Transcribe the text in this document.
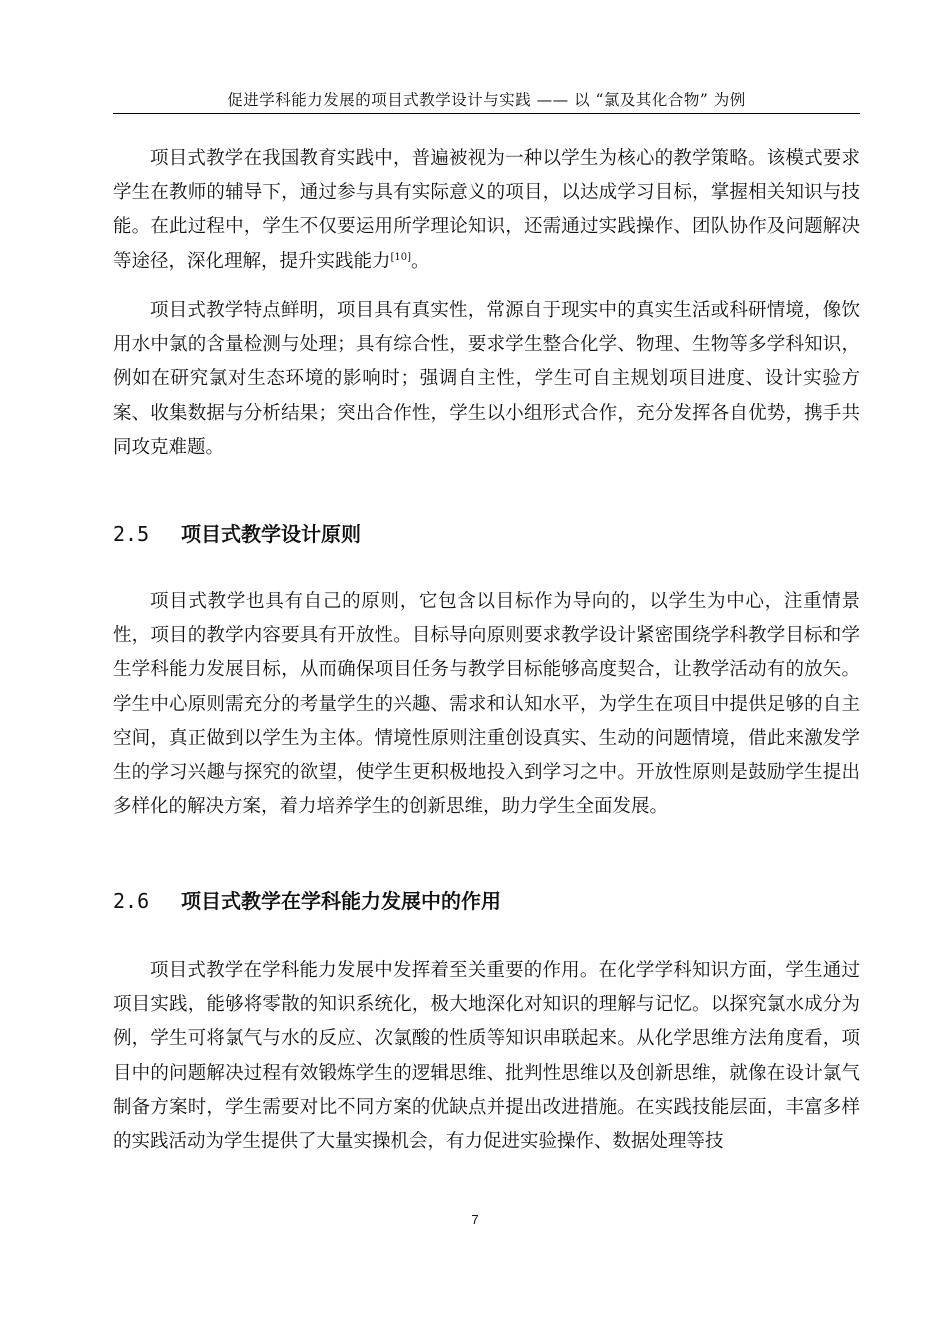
促进学科能力发展的项目式教学设计与实践 —— 以 “氯及其化合物” 为例

项目式教学在我国教育实践中，普遍被视为一种以学生为核心的教学策略。该模式要求学生在教师的辅导下，通过参与具有实际意义的项目，以达成学习目标，掌握相关知识与技能。在此过程中，学生不仅要运用所学理论知识，还需通过实践操作、团队协作及问题解决等途径，深化理解，提升实践能力[10]。

项目式教学特点鲜明，项目具有真实性，常源自于现实中的真实生活或科研情境，像饮用水中氯的含量检测与处理；具有综合性，要求学生整合化学、物理、生物等多学科知识，例如在研究氯对生态环境的影响时；强调自主性，学生可自主规划项目进度、设计实验方案、收集数据与分析结果；突出合作性，学生以小组形式合作，充分发挥各自优势，携手共同攻克难题。

2.5 项目式教学设计原则

项目式教学也具有自己的原则，它包含以目标作为导向的，以学生为中心，注重情景性，项目的教学内容要具有开放性。目标导向原则要求教学设计紧密围绕学科教学目标和学生学科能力发展目标，从而确保项目任务与教学目标能够高度契合，让教学活动有的放矢。学生中心原则需充分的考量学生的兴趣、需求和认知水平，为学生在项目中提供足够的自主空间，真正做到以学生为主体。情境性原则注重创设真实、生动的问题情境，借此来激发学生的学习兴趣与探究的欲望，使学生更积极地投入到学习之中。开放性原则是鼓励学生提出多样化的解决方案，着力培养学生的创新思维，助力学生全面发展。

2.6 项目式教学在学科能力发展中的作用

项目式教学在学科能力发展中发挥着至关重要的作用。在化学学科知识方面，学生通过项目实践，能够将零散的知识系统化，极大地深化对知识的理解与记忆。以探究氯水成分为例，学生可将氯气与水的反应、次氯酸的性质等知识串联起来。从化学思维方法角度看，项目中的问题解决过程有效锻炼学生的逻辑思维、批判性思维以及创新思维，就像在设计氯气制备方案时，学生需要对比不同方案的优缺点并提出改进措施。在实践技能层面，丰富多样的实践活动为学生提供了大量实操机会，有力促进实验操作、数据处理等技

7
